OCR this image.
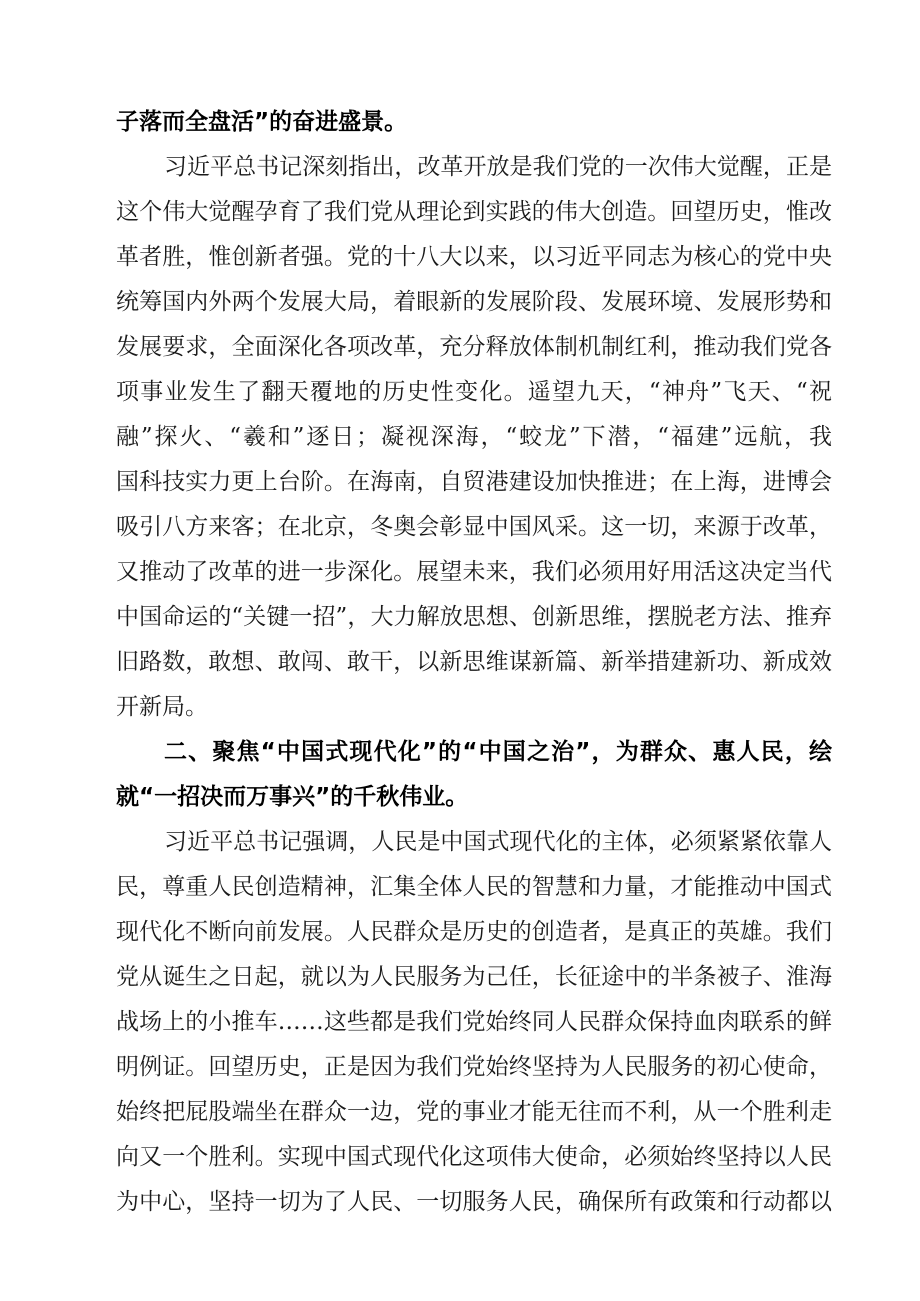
子落而全盘活”的奋进盛景。
习近平总书记深刻指出，改革开放是我们党的一次伟大觉醒，正是
这个伟大觉醒孕育了我们党从理论到实践的伟大创造。回望历史，惟改
革者胜，惟创新者强。党的十八大以来，以习近平同志为核心的党中央
统筹国内外两个发展大局，着眼新的发展阶段、发展环境、发展形势和
发展要求，全面深化各项改革，充分释放体制机制红利，推动我们党各
项事业发生了翻天覆地的历史性变化。遥望九天，“神舟”飞天、“祝
融”探火、“羲和”逐日；凝视深海，“蛟龙”下潜，“福建”远航，我
国科技实力更上台阶。在海南，自贸港建设加快推进；在上海，进博会
吸引八方来客；在北京，冬奥会彰显中国风采。这一切，来源于改革，
又推动了改革的进一步深化。展望未来，我们必须用好用活这决定当代
中国命运的“关键一招”，大力解放思想、创新思维，摆脱老方法、推弃
旧路数，敢想、敢闯、敢干，以新思维谋新篇、新举措建新功、新成效
开新局。
二、聚焦“中国式现代化”的“中国之治”，为群众、惠人民，绘
就“一招决而万事兴”的千秋伟业。
习近平总书记强调，人民是中国式现代化的主体，必须紧紧依靠人
民，尊重人民创造精神，汇集全体人民的智慧和力量，才能推动中国式
现代化不断向前发展。人民群众是历史的创造者，是真正的英雄。我们
党从诞生之日起，就以为人民服务为己任，长征途中的半条被子、淮海
战场上的小推车……这些都是我们党始终同人民群众保持血肉联系的鲜
明例证。回望历史，正是因为我们党始终坚持为人民服务的初心使命，
始终把屁股端坐在群众一边，党的事业才能无往而不利，从一个胜利走
向又一个胜利。实现中国式现代化这项伟大使命，必须始终坚持以人民
为中心，坚持一切为了人民、一切服务人民，确保所有政策和行动都以
